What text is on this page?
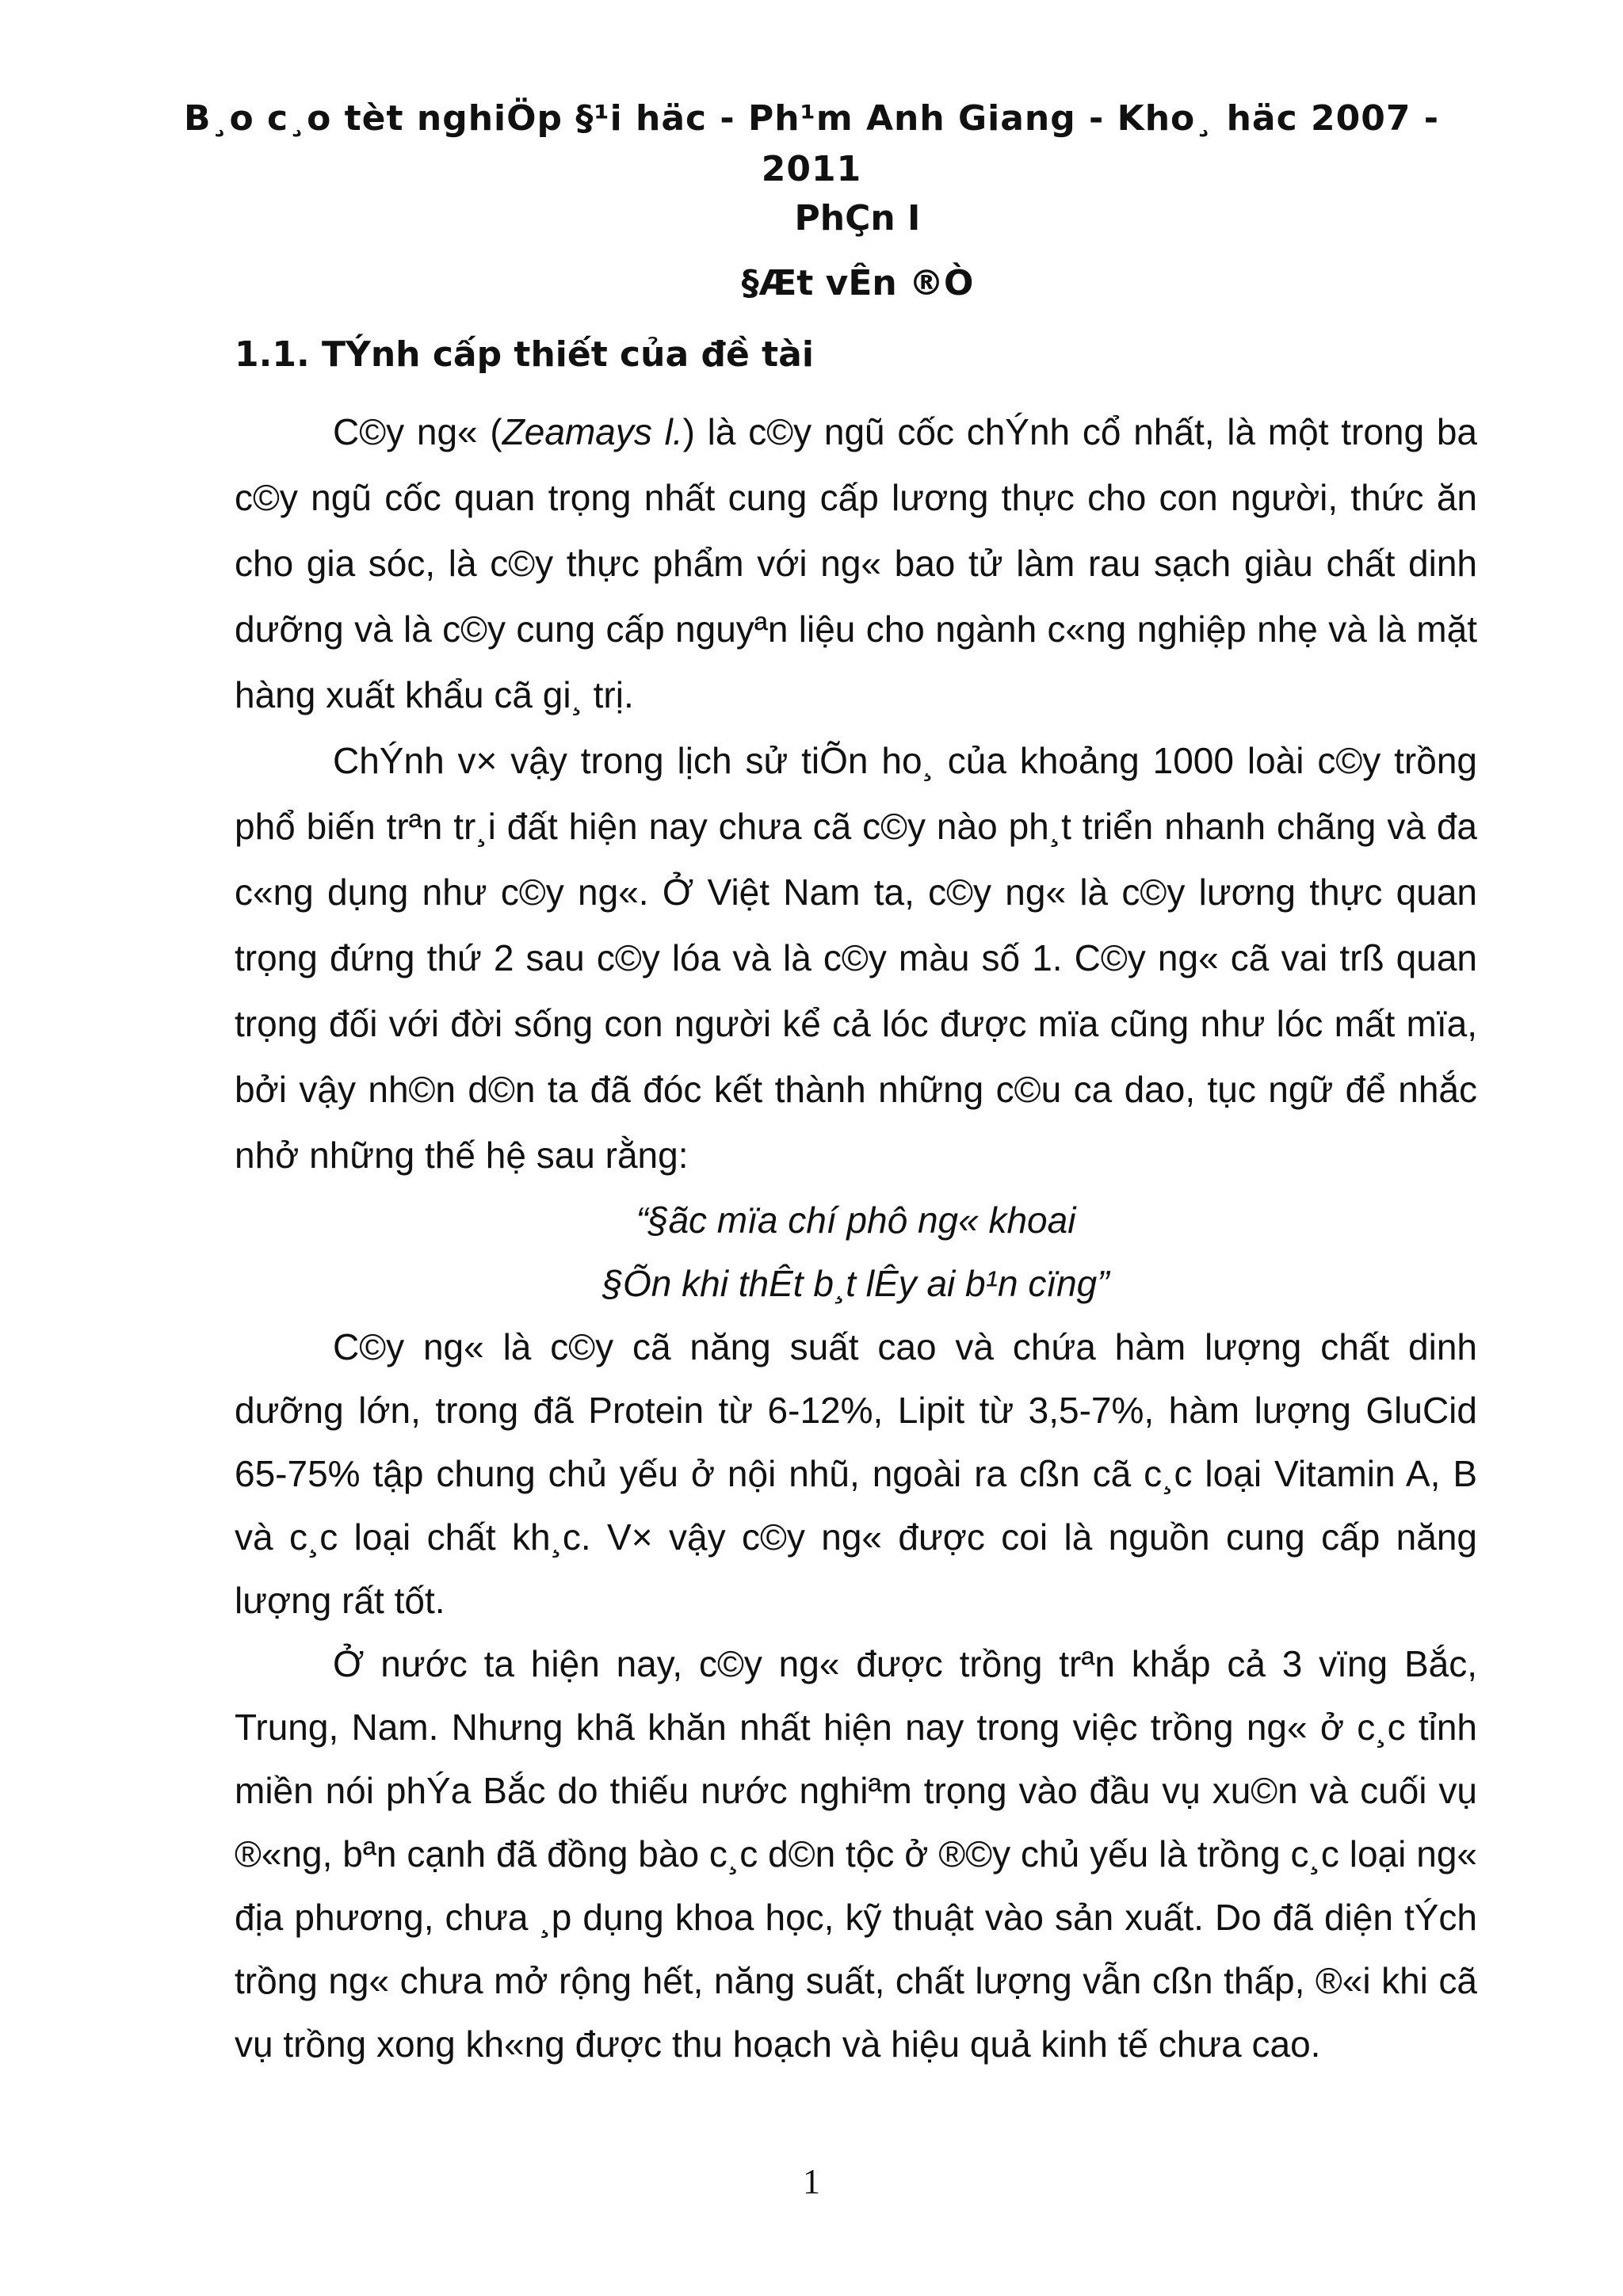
B¸o c¸o tèt nghiÖp §¹i häc - Ph¹m Anh Giang - Kho¸ häc 2007 - 2011
PhÇn I
§Æt vÊn ®Ò
1.1. TÝnh cấp thiết của đề tài

C©y ng« (Zeamays l.) là c©y ngũ cốc chÝnh cổ nhất, là một trong ba c©y ngũ cốc quan trọng nhất cung cấp lương thực cho con người, thức ăn cho gia sóc, là c©y thực phẩm với ng« bao tử làm rau sạch giàu chất dinh dưỡng và là c©y cung cấp nguyªn liệu cho ngành c«ng nghiệp nhẹ và là mặt hàng xuất khẩu cã gi¸ trị.

ChÝnh v× vậy trong lịch sử tiÕn ho¸ của khoảng 1000 loài c©y trồng phổ biến trªn tr¸i đất hiện nay chưa cã c©y nào ph¸t triển nhanh chãng và đa c«ng dụng như c©y ng«. Ở Việt Nam ta, c©y ng« là c©y lương thực quan trọng đứng thứ 2 sau c©y lóa và là c©y màu số 1. C©y ng« cã vai trß quan trọng đối với đời sống con người kể cả lóc được mïa cũng như lóc mất mïa, bởi vậy nh©n d©n ta đã đóc kết thành những c©u ca dao, tục ngữ để nhắc nhở những thế hệ sau rằng:

“§ãc mïa chí phô ng« khoai

§Õn khi thÊt b¸t lÊy ai b¹n cïng”

C©y ng« là c©y cã năng suất cao và chứa hàm lượng chất dinh dưỡng lớn, trong đã Protein từ 6-12%, Lipit từ 3,5-7%, hàm lượng GluCid 65-75% tập chung chủ yếu ở nội nhũ, ngoài ra cßn cã c¸c loại Vitamin A, B và c¸c loại chất kh¸c. V× vậy c©y ng« được coi là nguồn cung cấp năng lượng rất tốt.

Ở nước ta hiện nay, c©y ng« được trồng trªn khắp cả 3 vïng Bắc, Trung, Nam. Nhưng khã khăn nhất hiện nay trong việc trồng ng« ở c¸c tỉnh miền nói phÝa Bắc do thiếu nước nghiªm trọng vào đầu vụ xu©n và cuối vụ ®«ng, bªn cạnh đã đồng bào c¸c d©n tộc ở ®©y chủ yếu là trồng c¸c loại ng« địa phương, chưa ¸p dụng khoa học, kỹ thuật vào sản xuất. Do đã diện tÝch trồng ng« chưa mở rộng hết, năng suất, chất lượng vẫn cßn thấp, ®«i khi cã vụ trồng xong kh«ng được thu hoạch và hiệu quả kinh tế chưa cao.

1
